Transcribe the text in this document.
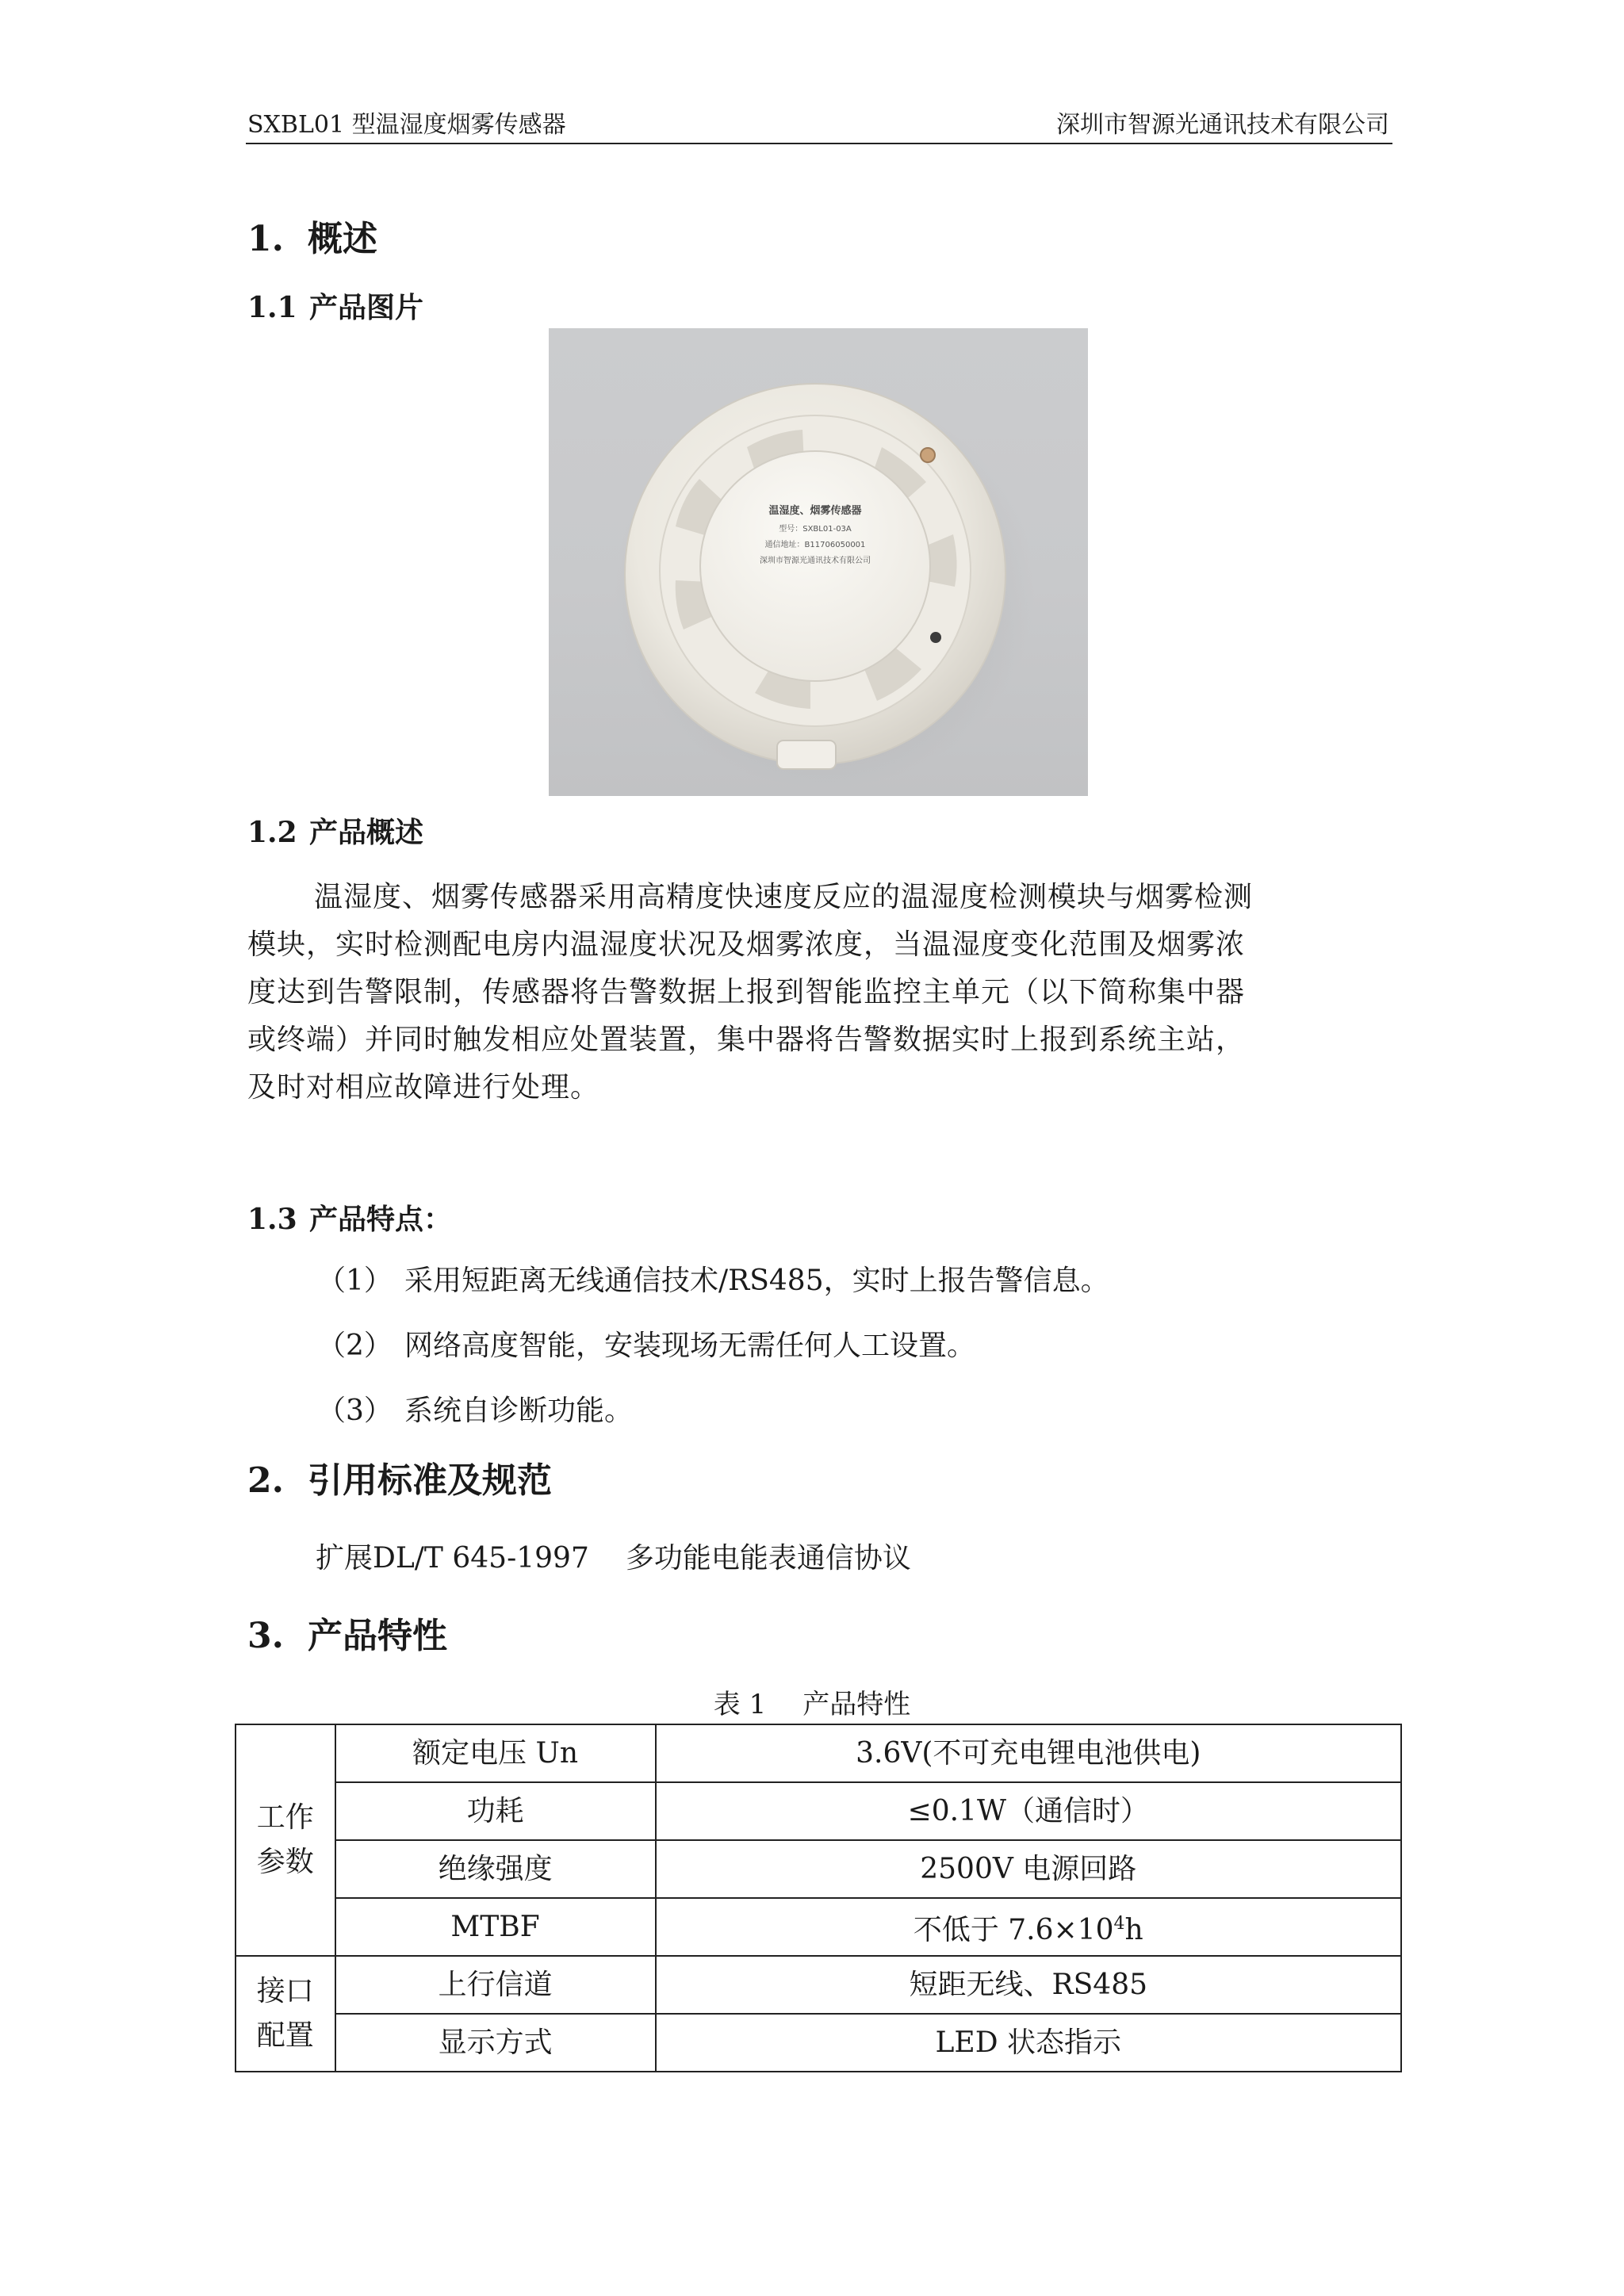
SXBL01 型温湿度烟雾传感器	深圳市智源光通讯技术有限公司
1. 概述
1.1 产品图片
温湿度、烟雾传感器
型号：SXBL01-03A
通信地址：B11706050001
深圳市智源光通讯技术有限公司
1.2 产品概述
温湿度、烟雾传感器采用高精度快速度反应的温湿度检测模块与烟雾检测
模块，实时检测配电房内温湿度状况及烟雾浓度，当温湿度变化范围及烟雾浓
度达到告警限制，传感器将告警数据上报到智能监控主单元（以下简称集中器
或终端）并同时触发相应处置装置，集中器将告警数据实时上报到系统主站，
及时对相应故障进行处理。
1.3 产品特点：
（1） 采用短距离无线通信技术/RS485，实时上报告警信息。
（2） 网络高度智能，安装现场无需任何人工设置。
（3） 系统自诊断功能。
2. 引用标准及规范
扩展DL/T 645-1997 多功能电能表通信协议
3. 产品特性
表 1 产品特性
工作参数	额定电压 Un	3.6V(不可充电锂电池供电)
	功耗	≤0.1W（通信时）
	绝缘强度	2500V 电源回路
	MTBF	不低于 $7.6\times 10^4h$

接口配置	上行信道	短距无线、RS485
	显示方式	LED 状态指示
